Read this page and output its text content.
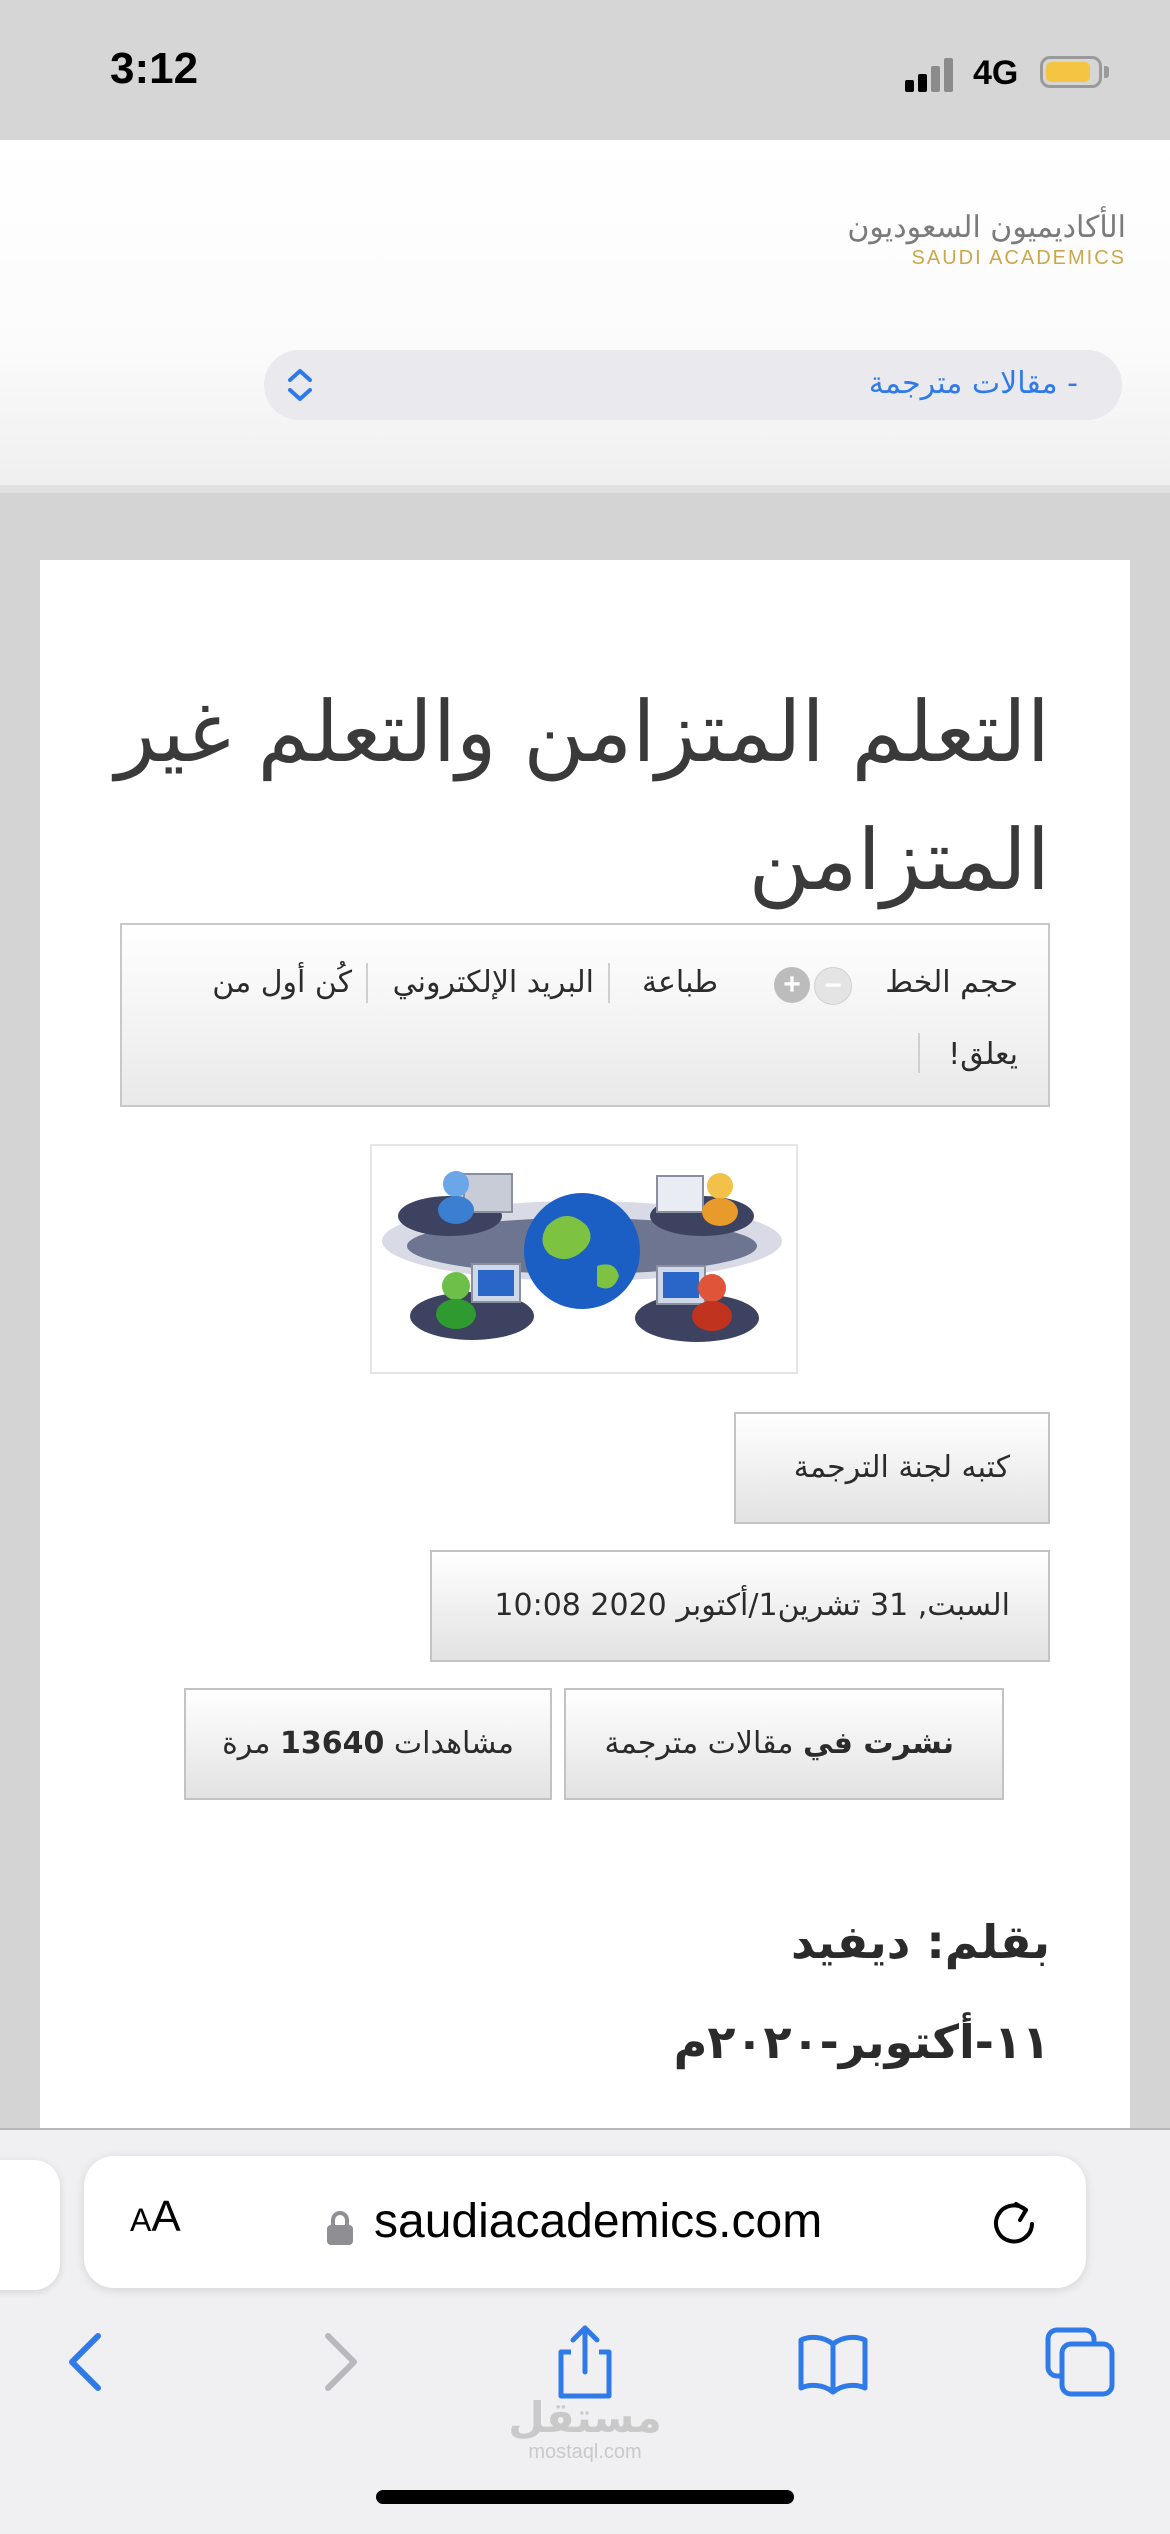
3:12	4G
الأكاديميون السعوديون
SAUDI ACADEMICS
- مقالات مترجمة
التعلم المتزامن والتعلم غير المتزامن
حجم الخط
−
+
طباعة
البريد الإلكتروني
كُن أول من
يعلق!
كتبه لجنة الترجمة
السبت, 31 تشرين1/أكتوبر 2020 10:08
نشرت في مقالات مترجمة
مشاهدات 13640 مرة
بقلم: ديفيد
١١-أكتوبر-٢٠٢٠م
AA	saudiacademics.com
مستقل
mostaql.com
